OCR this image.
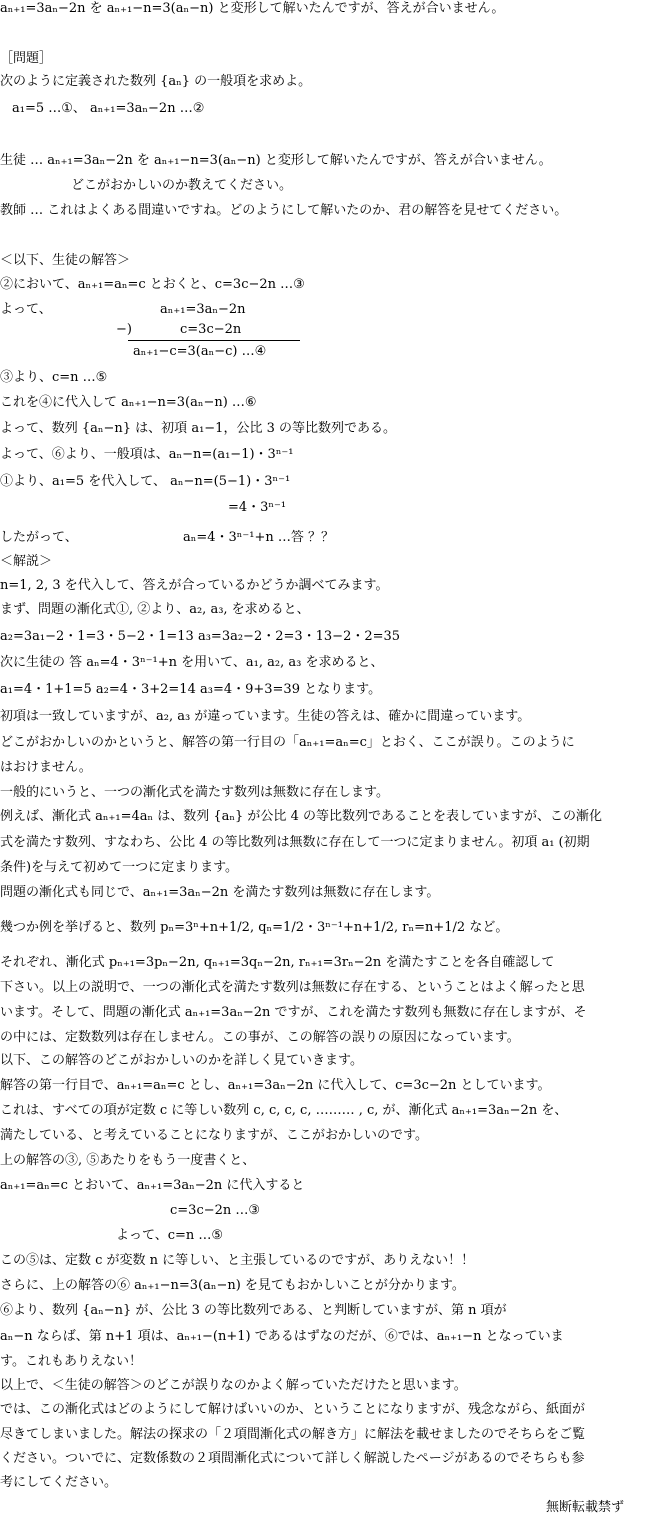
aₙ₊₁=3aₙ−2n を aₙ₊₁−n=3(aₙ−n) と変形して解いたんですが、答えが合いません。
［問題］
次のように定義された数列 {aₙ} の一般項を求めよ。
a₁=5 …①、 aₙ₊₁=3aₙ−2n …②
生徒 … aₙ₊₁=3aₙ−2n を aₙ₊₁−n=3(aₙ−n) と変形して解いたんですが、答えが合いません。
どこがおかしいのか教えてください。
教師 … これはよくある間違いですね。どのようにして解いたのか、君の解答を見せてください。
＜以下、生徒の解答＞
②において、aₙ₊₁=aₙ=c とおくと、c=3c−2n …③
よって、	aₙ₊₁=3aₙ−2n
−)	c=3c−2n
aₙ₊₁−c=3(aₙ−c) …④
③より、c=n …⑤
これを④に代入して aₙ₊₁−n=3(aₙ−n) …⑥
よって、数列 {aₙ−n} は、初項 a₁−1，公比 3 の等比数列である。
よって、⑥より、一般項は、aₙ−n=(a₁−1)・3ⁿ⁻¹
①より、a₁=5 を代入して、 aₙ−n=(5−1)・3ⁿ⁻¹
=4・3ⁿ⁻¹
したがって、	aₙ=4・3ⁿ⁻¹+n …答 ？？
＜解説＞
n=1, 2, 3 を代入して、答えが合っているかどうか調べてみます。
まず、問題の漸化式①, ②より、a₂, a₃, を求めると、
a₂=3a₁−2・1=3・5−2・1=13 a₃=3a₂−2・2=3・13−2・2=35
次に生徒の 答 aₙ=4・3ⁿ⁻¹+n を用いて、a₁, a₂, a₃ を求めると、
a₁=4・1+1=5 a₂=4・3+2=14 a₃=4・9+3=39 となります。
初項は一致していますが、a₂, a₃ が違っています。生徒の答えは、確かに間違っています。
どこがおかしいのかというと、解答の第一行目の「aₙ₊₁=aₙ=c」とおく、ここが誤り。このように
はおけません。
一般的にいうと、一つの漸化式を満たす数列は無数に存在します。
例えば、漸化式 aₙ₊₁=4aₙ は、数列 {aₙ} が公比 4 の等比数列であることを表していますが、この漸化
式を満たす数列、すなわち、公比 4 の等比数列は無数に存在して一つに定まりません。初項 a₁ (初期
条件)を与えて初めて一つに定まります。
問題の漸化式も同じで、aₙ₊₁=3aₙ−2n を満たす数列は無数に存在します。
幾つか例を挙げると、数列 pₙ=3ⁿ+n+1/2, qₙ=1/2・3ⁿ⁻¹+n+1/2, rₙ=n+1/2 など。
それぞれ、漸化式 pₙ₊₁=3pₙ−2n, qₙ₊₁=3qₙ−2n, rₙ₊₁=3rₙ−2n を満たすことを各自確認して
下さい。以上の説明で、一つの漸化式を満たす数列は無数に存在する、ということはよく解ったと思
います。そして、問題の漸化式 aₙ₊₁=3aₙ−2n ですが、これを満たす数列も無数に存在しますが、そ
の中には、定数数列は存在しません。この事が、この解答の誤りの原因になっています。
以下、この解答のどこがおかしいのかを詳しく見ていきます。
解答の第一行目で、aₙ₊₁=aₙ=c とし、aₙ₊₁=3aₙ−2n に代入して、c=3c−2n としています。
これは、すべての項が定数 c に等しい数列 c, c, c, c, ……… , c, が、漸化式 aₙ₊₁=3aₙ−2n を、
満たしている、と考えていることになりますが、ここがおかしいのです。
上の解答の③, ⑤あたりをもう一度書くと、
aₙ₊₁=aₙ=c とおいて、aₙ₊₁=3aₙ−2n に代入すると
c=3c−2n …③
よって、c=n …⑤
この⑤は、定数 c が変数 n に等しい、と主張しているのですが、ありえない！！
さらに、上の解答の⑥ aₙ₊₁−n=3(aₙ−n) を見てもおかしいことが分かります。
⑥より、数列 {aₙ−n} が、公比 3 の等比数列である、と判断していますが、第 n 項が
aₙ−n ならば、第 n+1 項は、aₙ₊₁−(n+1) であるはずなのだが、⑥では、aₙ₊₁−n となっていま
す。これもありえない！
以上で、＜生徒の解答＞のどこが誤りなのかよく解っていただけたと思います。
では、この漸化式はどのようにして解けばいいのか、ということになりますが、残念ながら、紙面が
尽きてしまいました。解法の探求の「２項間漸化式の解き方」に解法を載せましたのでそちらをご覧
ください。ついでに、定数係数の２項間漸化式について詳しく解説したページがあるのでそちらも参
考にしてください。
無断転載禁ず
